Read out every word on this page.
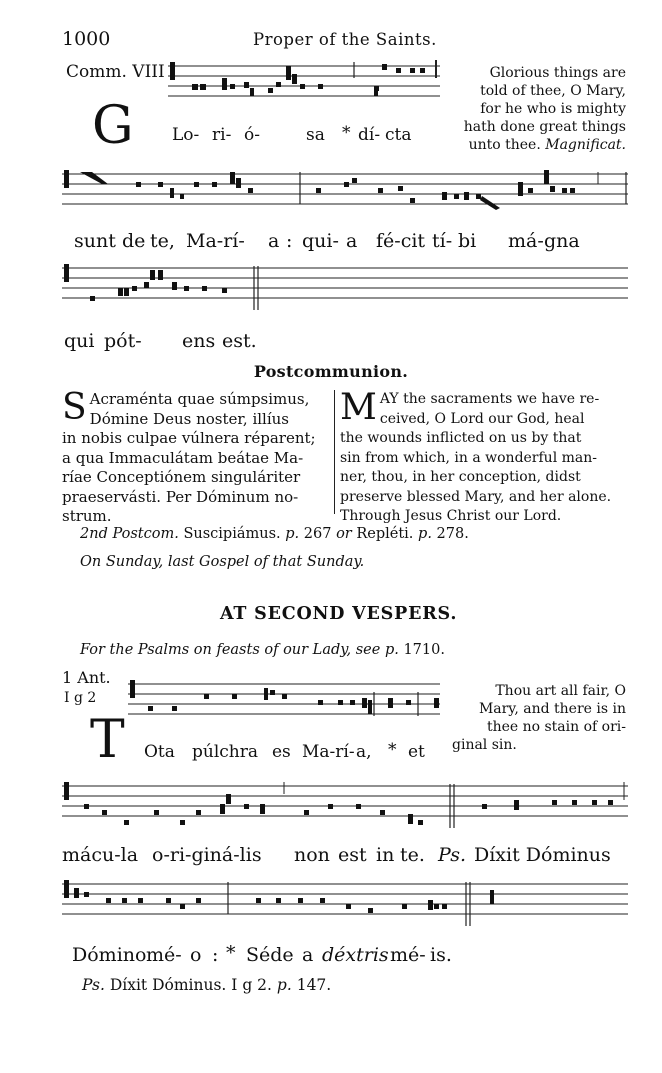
1000	Proper of the Saints.
Comm. VIII
G Lo- ri- ó-	sa * dí- cta
Glorious things are
told of thee, O Mary,
for he who is mighty
hath done great things
unto thee. Magnificat.
sunt de te, Ma-rí- a : qui- a fé-cit tí- bi má- gna
qui pót- ens est.
Postcommunion.
S Acraménta quae súmpsimus,
Dómine Deus noster, illíus
in nobis culpae vúlnera réparent;
a qua Immaculátam beátae Ma-
ríae Conceptiónem singuláriter
praeservásti. Per Dóminum no-
strum.
M AY the sacraments we have re-
ceived, O Lord our God, heal
the wounds inflicted on us by that
sin from which, in a wonderful man-
ner, thou, in her conception, didst
preserve blessed Mary, and her alone.
Through Jesus Christ our Lord.
2nd Postcom. Suscipiámus. p. 267 or Repléti. p. 278.
On Sunday, last Gospel of that Sunday.
AT SECOND VESPERS.
For the Psalms on feasts of our Lady, see p. 1710.
1 Ant.
I g 2
T Ota púlchra es Ma-rí- a, * et
Thou art all fair, O
Mary, and there is in
thee no stain of ori-
ginal sin.
mácu-la o-ri-giná-lis non est in te. Ps. Díxit Dóminus
Dómino mé- o : * Séde a déxtris mé- is.
Ps. Díxit Dóminus. I g 2. p. 147.
